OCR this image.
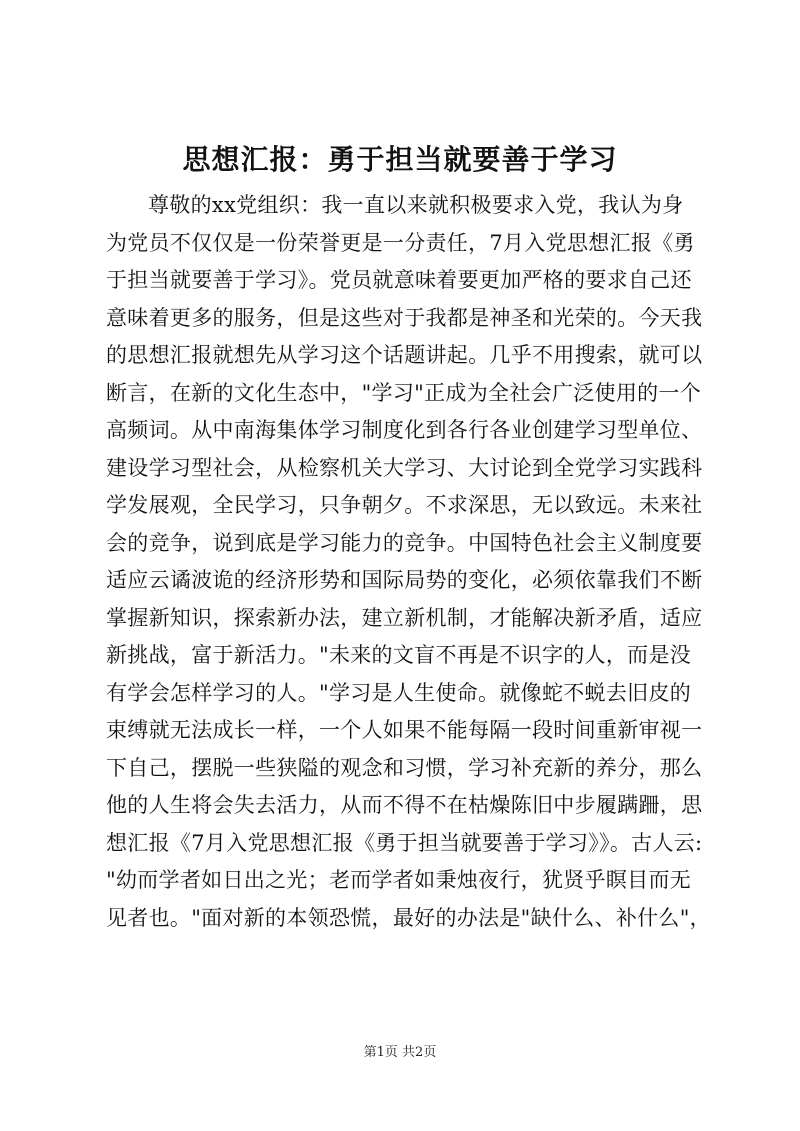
思想汇报：勇于担当就要善于学习
尊敬的xx党组织：我一直以来就积极要求入党，我认为身
为党员不仅仅是一份荣誉更是一分责任，7月入党思想汇报《勇
于担当就要善于学习》。党员就意味着要更加严格的要求自己还
意味着更多的服务，但是这些对于我都是神圣和光荣的。今天我
的思想汇报就想先从学习这个话题讲起。几乎不用搜索，就可以
断言，在新的文化生态中，"学习"正成为全社会广泛使用的一个
高频词。从中南海集体学习制度化到各行各业创建学习型单位、
建设学习型社会，从检察机关大学习、大讨论到全党学习实践科
学发展观，全民学习，只争朝夕。不求深思，无以致远。未来社
会的竞争，说到底是学习能力的竞争。中国特色社会主义制度要
适应云谲波诡的经济形势和国际局势的变化，必须依靠我们不断
掌握新知识，探索新办法，建立新机制，才能解决新矛盾，适应
新挑战，富于新活力。"未来的文盲不再是不识字的人，而是没
有学会怎样学习的人。"学习是人生使命。就像蛇不蜕去旧皮的
束缚就无法成长一样，一个人如果不能每隔一段时间重新审视一
下自己，摆脱一些狭隘的观念和习惯，学习补充新的养分，那么
他的人生将会失去活力，从而不得不在枯燥陈旧中步履蹒跚，思
想汇报《7月入党思想汇报《勇于担当就要善于学习》》。古人云:
"幼而学者如日出之光；老而学者如秉烛夜行，犹贤乎瞑目而无
见者也。"面对新的本领恐慌，最好的办法是"缺什么、补什么"，
第1页 共2页
